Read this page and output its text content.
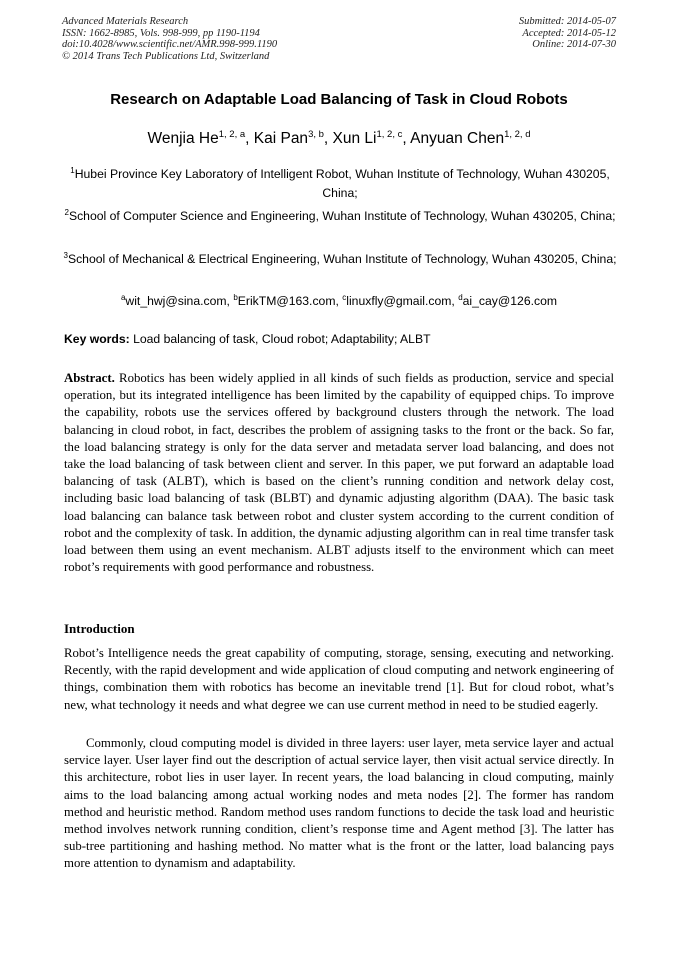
Advanced Materials Research
ISSN: 1662-8985, Vols. 998-999, pp 1190-1194
doi:10.4028/www.scientific.net/AMR.998-999.1190
© 2014 Trans Tech Publications Ltd, Switzerland
Submitted: 2014-05-07
Accepted: 2014-05-12
Online: 2014-07-30
Research on Adaptable Load Balancing of Task in Cloud Robots
Wenjia He$^{1, 2, a}$, Kai Pan$^{3, b}$, Xun Li$^{1, 2, c}$, Anyuan Chen$^{1, 2, d}$
$^1$Hubei Province Key Laboratory of Intelligent Robot, Wuhan Institute of Technology, Wuhan 430205, China;
$^2$School of Computer Science and Engineering, Wuhan Institute of Technology, Wuhan 430205, China;
$^3$School of Mechanical & Electrical Engineering, Wuhan Institute of Technology, Wuhan 430205, China;
$^a$wit_hwj@sina.com, $^b$ErikTM@163.com, $^c$linuxfly@gmail.com, $^d$ai_cay@126.com
Key words: Load balancing of task, Cloud robot; Adaptability; ALBT
Abstract. Robotics has been widely applied in all kinds of such fields as production, service and special operation, but its integrated intelligence has been limited by the capability of equipped chips. To improve the capability, robots use the services offered by background clusters through the network. The load balancing in cloud robot, in fact, describes the problem of assigning tasks to the front or the back. So far, the load balancing strategy is only for the data server and metadata server load balancing, and does not take the load balancing of task between client and server. In this paper, we put forward an adaptable load balancing of task (ALBT), which is based on the client’s running condition and network delay cost, including basic load balancing of task (BLBT) and dynamic adjusting algorithm (DAA). The basic task load balancing can balance task between robot and cluster system according to the current condition of robot and the complexity of task. In addition, the dynamic adjusting algorithm can in real time transfer task load between them using an event mechanism. ALBT adjusts itself to the environment which can meet robot’s requirements with good performance and robustness.
Introduction
Robot’s Intelligence needs the great capability of computing, storage, sensing, executing and networking. Recently, with the rapid development and wide application of cloud computing and network engineering of things, combination them with robotics has become an inevitable trend [1]. But for cloud robot, what’s new, what technology it needs and what degree we can use current method in need to be studied eagerly.
Commonly, cloud computing model is divided in three layers: user layer, meta service layer and actual service layer. User layer find out the description of actual service layer, then visit actual service directly. In this architecture, robot lies in user layer. In recent years, the load balancing in cloud computing, mainly aims to the load balancing among actual working nodes and meta nodes [2]. The former has random method and heuristic method. Random method uses random functions to decide the task load and heuristic method involves network running condition, client’s response time and Agent method [3]. The latter has sub-tree partitioning and hashing method. No matter what is the front or the latter, load balancing pays more attention to dynamism and adaptability.
